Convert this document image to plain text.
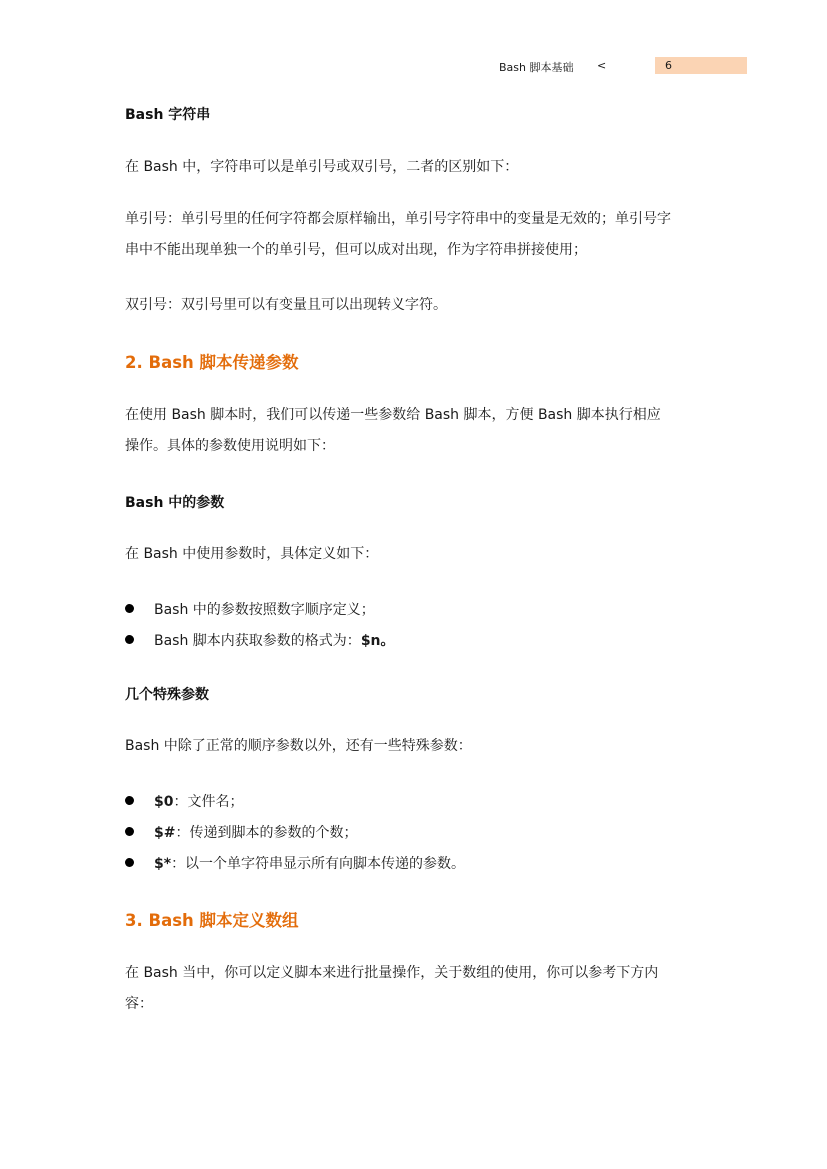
Bash 脚本基础 <	6
Bash 字符串
在 Bash 中，字符串可以是单引号或双引号，二者的区别如下：
单引号：单引号里的任何字符都会原样输出，单引号字符串中的变量是无效的；单引号字
串中不能出现单独一个的单引号，但可以成对出现，作为字符串拼接使用；
双引号：双引号里可以有变量且可以出现转义字符。
2. Bash 脚本传递参数
在使用 Bash 脚本时，我们可以传递一些参数给 Bash 脚本，方便 Bash 脚本执行相应
操作。具体的参数使用说明如下：
Bash 中的参数
在 Bash 中使用参数时，具体定义如下：
Bash 中的参数按照数字顺序定义；
Bash 脚本内获取参数的格式为：$n。
几个特殊参数
Bash 中除了正常的顺序参数以外，还有一些特殊参数：
$0：文件名；
$#：传递到脚本的参数的个数；
$*：以一个单字符串显示所有向脚本传递的参数。
3. Bash 脚本定义数组
在 Bash 当中，你可以定义脚本来进行批量操作，关于数组的使用，你可以参考下方内
容：
